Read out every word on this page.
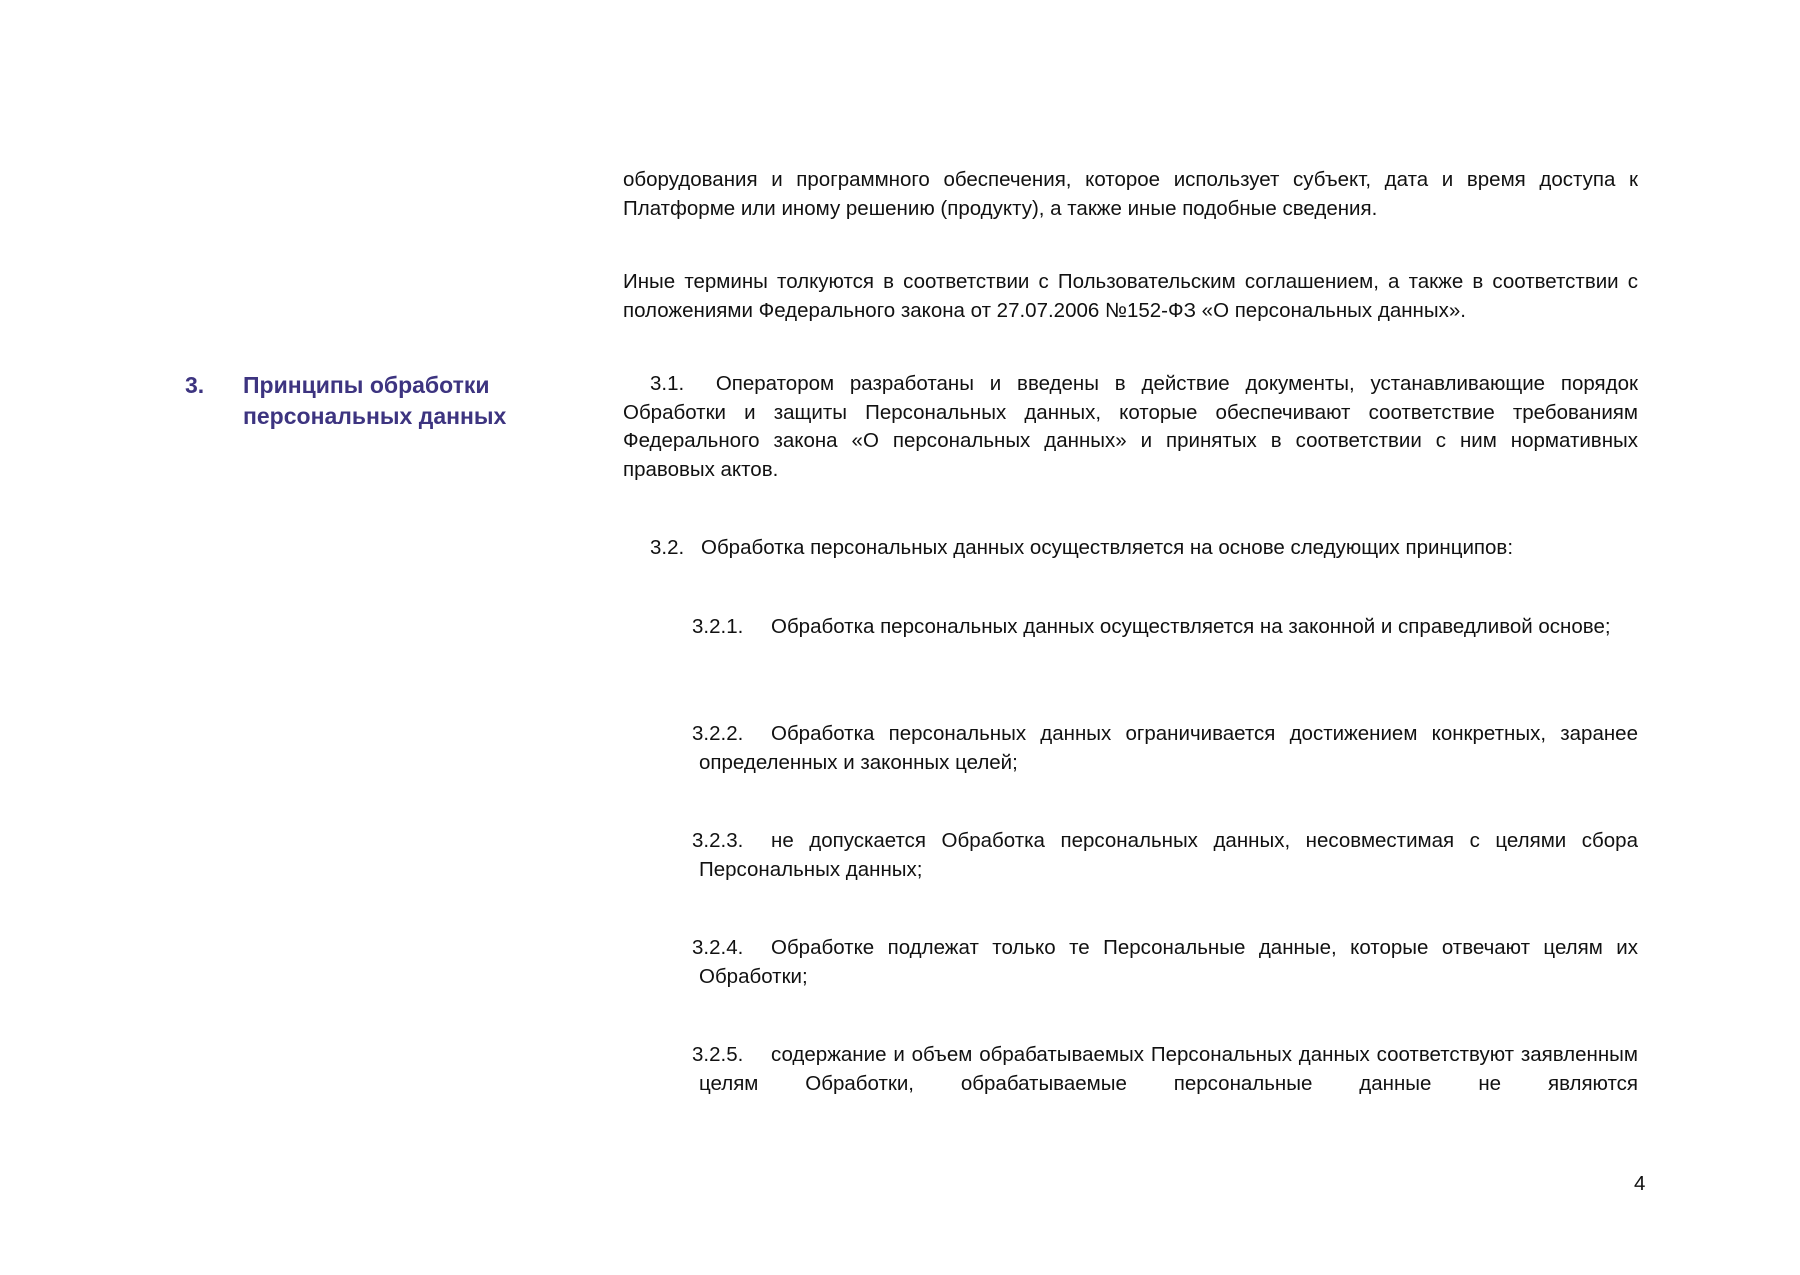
оборудования и программного обеспечения, которое использует субъект, дата и время доступа к Платформе или иному решению (продукту), а также иные подобные сведения.

Иные термины толкуются в соответствии с Пользовательским соглашением, а также в соответствии с положениями Федерального закона от 27.07.2006 №152-ФЗ «О персональных данных».

3. Принципы обработки персональных данных

3.1. Оператором разработаны и введены в действие документы, устанавливающие порядок Обработки и защиты Персональных данных, которые обеспечивают соответствие требованиям Федерального закона «О персональных данных» и принятых в соответствии с ним нормативных правовых актов.

3.2. Обработка персональных данных осуществляется на основе следующих принципов:
3.2.1.	Обработка персональных данных осуществляется на законной и справедливой основе;
3.2.2.	Обработка персональных данных ограничивается достижением конкретных, заранее определенных и законных целей;
3.2.3.	не допускается Обработка персональных данных, несовместимая с целями сбора Персональных данных;
3.2.4.	Обработке подлежат только те Персональные данные, которые отвечают целям их Обработки;
3.2.5.	содержание и объем обрабатываемых Персональных данных соответствуют заявленным целям Обработки, обрабатываемые персональные данные не являются
4
